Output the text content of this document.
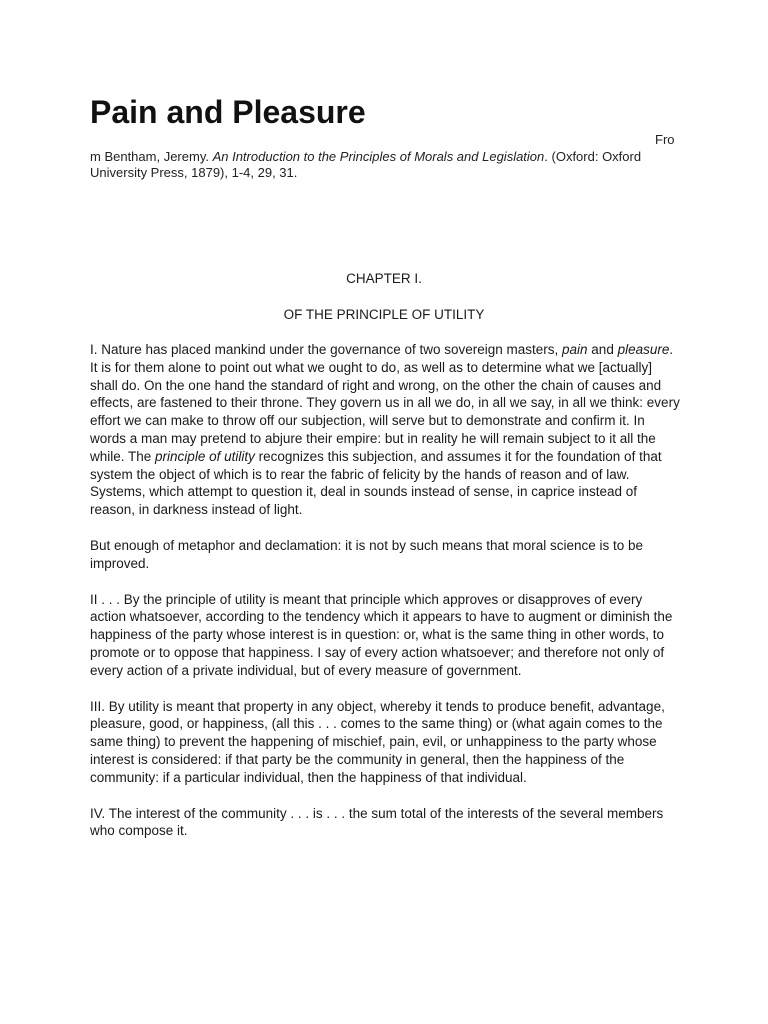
Pain and Pleasure
Fro

m Bentham, Jeremy. An Introduction to the Principles of Morals and Legislation. (Oxford: Oxford University Press, 1879), 1-4, 29, 31.

CHAPTER I.

OF THE PRINCIPLE OF UTILITY

I. Nature has placed mankind under the governance of two sovereign masters, pain and pleasure. It is for them alone to point out what we ought to do, as well as to determine what we [actually] shall do. On the one hand the standard of right and wrong, on the other the chain of causes and effects, are fastened to their throne. They govern us in all we do, in all we say, in all we think: every effort we can make to throw off our subjection, will serve but to demonstrate and confirm it. In words a man may pretend to abjure their empire: but in reality he will remain subject to it all the while. The principle of utility recognizes this subjection, and assumes it for the foundation of that system the object of which is to rear the fabric of felicity by the hands of reason and of law. Systems, which attempt to question it, deal in sounds instead of sense, in caprice instead of reason, in darkness instead of light.

But enough of metaphor and declamation: it is not by such means that moral science is to be improved.

II . . . By the principle of utility is meant that principle which approves or disapproves of every action whatsoever, according to the tendency which it appears to have to augment or diminish the happiness of the party whose interest is in question: or, what is the same thing in other words, to promote or to oppose that happiness. I say of every action whatsoever; and therefore not only of every action of a private individual, but of every measure of government.

III. By utility is meant that property in any object, whereby it tends to produce benefit, advantage, pleasure, good, or happiness, (all this . . . comes to the same thing) or (what again comes to the same thing) to prevent the happening of mischief, pain, evil, or unhappiness to the party whose interest is considered: if that party be the community in general, then the happiness of the community: if a particular individual, then the happiness of that individual.

IV. The interest of the community . . . is . . . the sum total of the interests of the several members who compose it.
